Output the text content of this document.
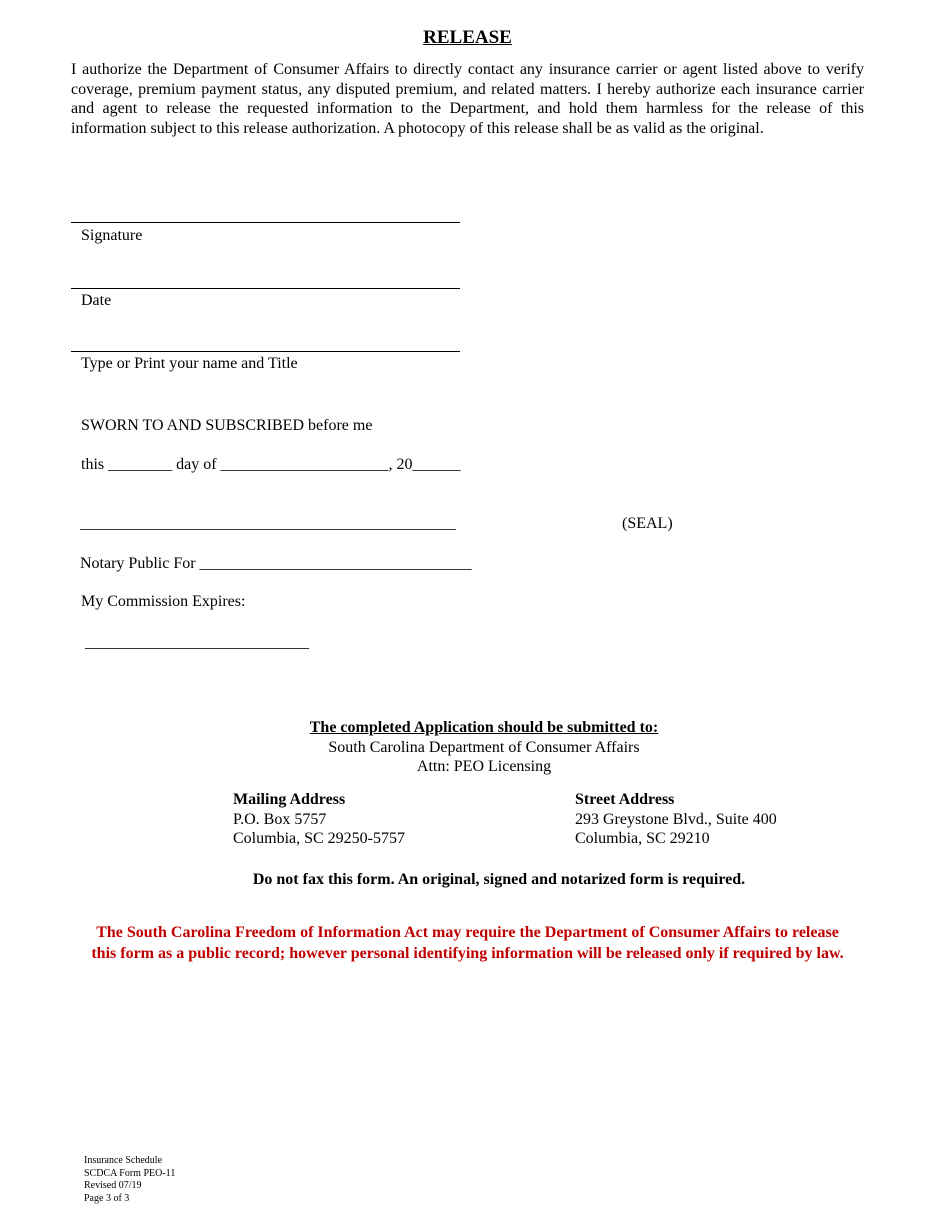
RELEASE
I authorize the Department of Consumer Affairs to directly contact any insurance carrier or agent listed above to verify coverage, premium payment status, any disputed premium, and related matters. I hereby authorize each insurance carrier and agent to release the requested information to the Department, and hold them harmless for the release of this information subject to this release authorization. A photocopy of this release shall be as valid as the original.
Signature
Date
Type or Print your name and Title
SWORN TO AND SUBSCRIBED before me
this ________ day of _____________________, 20______
_______________________________________________	(SEAL)
Notary Public For __________________________________
My Commission Expires:
____________________________
The completed Application should be submitted to:
South Carolina Department of Consumer Affairs
Attn: PEO Licensing
Mailing Address
P.O. Box 5757
Columbia, SC 29250-5757
Street Address
293 Greystone Blvd., Suite 400
Columbia, SC 29210
Do not fax this form. An original, signed and notarized form is required.
The South Carolina Freedom of Information Act may require the Department of Consumer Affairs to release
this form as a public record; however personal identifying information will be released only if required by law.
Insurance Schedule
SCDCA Form PEO-11
Revised 07/19
Page 3 of 3
